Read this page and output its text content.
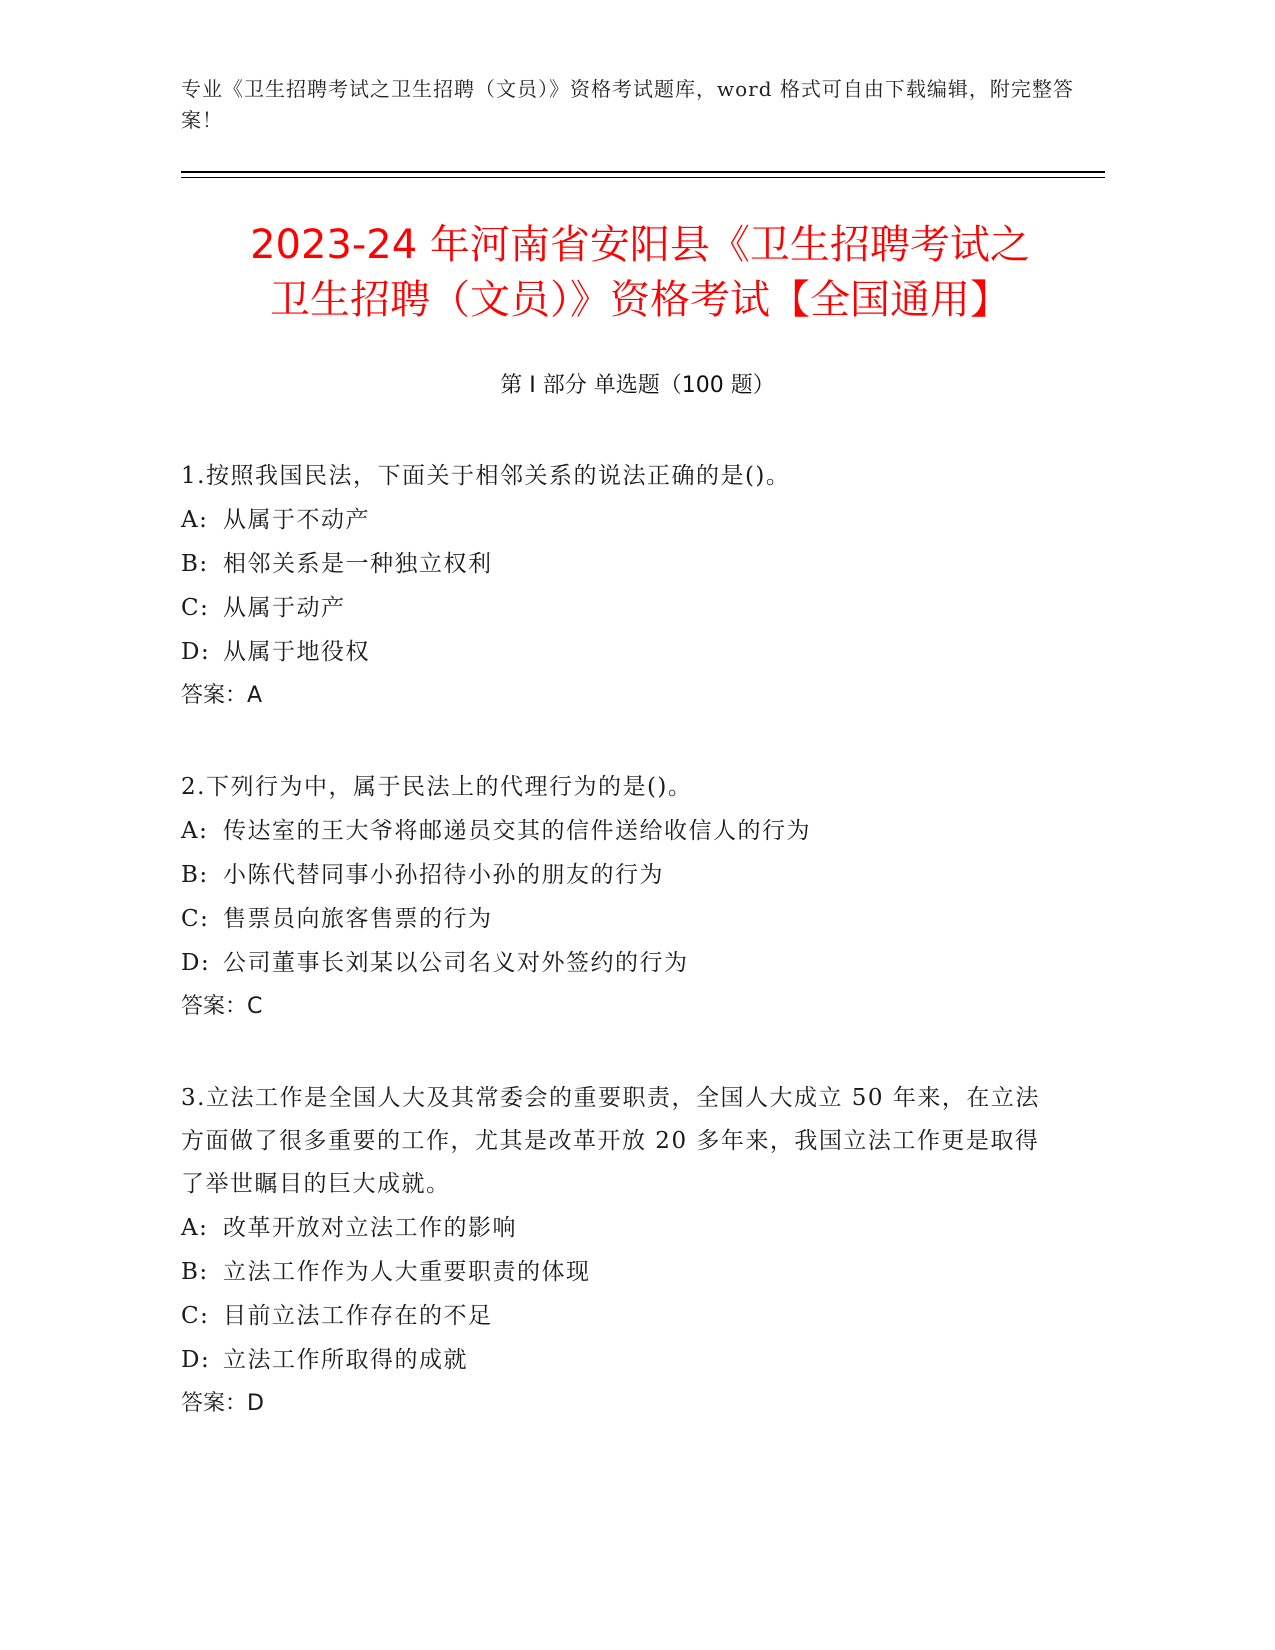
专业《卫生招聘考试之卫生招聘（文员）》资格考试题库，word 格式可自由下载编辑，附完整答案！
2023-24 年河南省安阳县《卫生招聘考试之
卫生招聘（文员）》资格考试【全国通用】
第 I 部分 单选题（100 题）

1.按照我国民法，下面关于相邻关系的说法正确的是()。

A: 从属于不动产

B: 相邻关系是一种独立权利

C: 从属于动产

D: 从属于地役权

答案：A

2.下列行为中，属于民法上的代理行为的是()。

A: 传达室的王大爷将邮递员交其的信件送给收信人的行为

B: 小陈代替同事小孙招待小孙的朋友的行为

C: 售票员向旅客售票的行为

D: 公司董事长刘某以公司名义对外签约的行为

答案：C

3.立法工作是全国人大及其常委会的重要职责，全国人大成立 50 年来，在立法方面做了很多重要的工作，尤其是改革开放 20 多年来，我国立法工作更是取得了举世瞩目的巨大成就。

A: 改革开放对立法工作的影响

B: 立法工作作为人大重要职责的体现

C: 目前立法工作存在的不足

D: 立法工作所取得的成就

答案：D
